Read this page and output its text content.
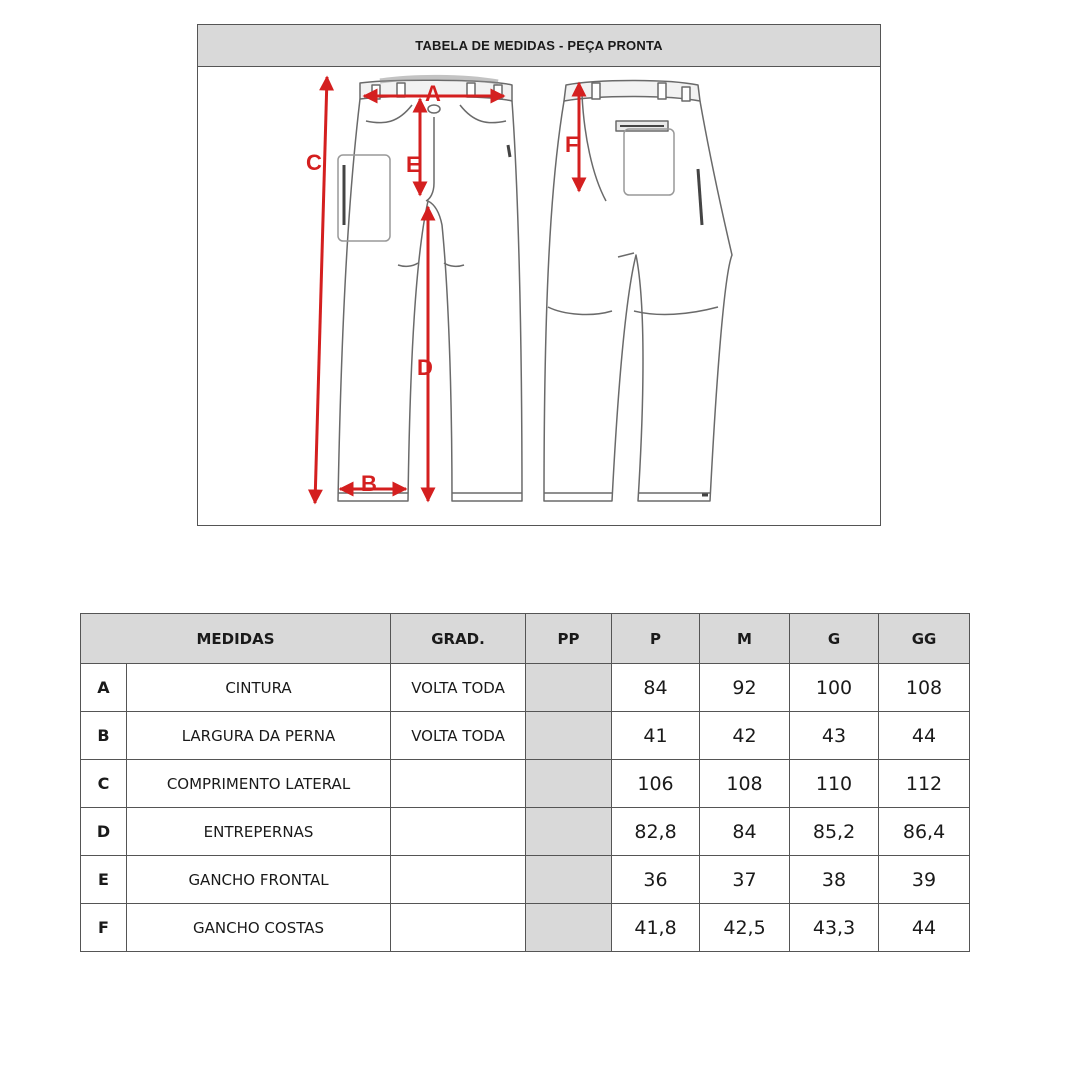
TABELA DE MEDIDAS - PEÇA PRONTA
A
C	E
D
B
F
MEDIDAS		GRAD.	PP	P	M	G	GG
A	CINTURA	VOLTA TODA		84	92	100	108
B	LARGURA DA PERNA	VOLTA TODA		41	42	43	44
C	COMPRIMENTO LATERAL			106	108	110	112
D	ENTREPERNAS			82,8	84	85,2	86,4
E	GANCHO FRONTAL			36	37	38	39
F	GANCHO COSTAS			41,8	42,5	43,3	44
